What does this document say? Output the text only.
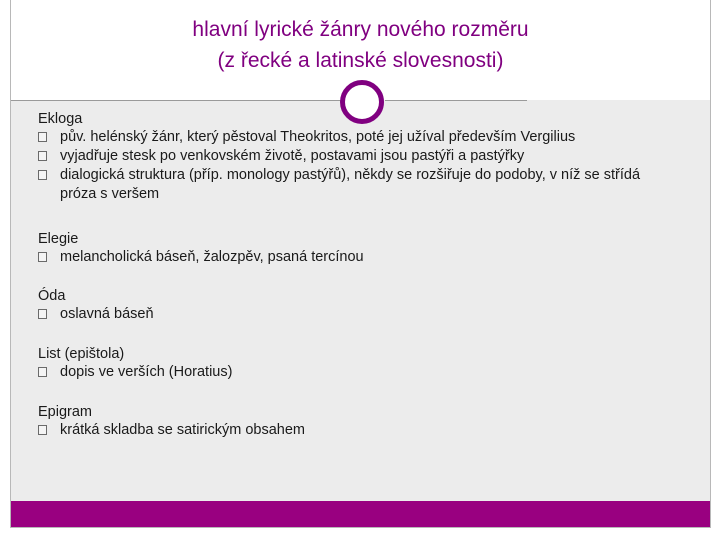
hlavní lyrické žánry nového rozměru
(z řecké a latinské slovesnosti)
Ekloga
pův. helénský žánr, který pěstoval Theokritos, poté jej užíval především Vergilius
vyjadřuje stesk po venkovském životě, postavami jsou pastýři a pastýřky
dialogická struktura (příp. monology pastýřů), někdy se rozšiřuje do podoby, v níž se střídá próza s veršem
Elegie
melancholická báseň, žalozpěv, psaná tercínou
Óda
oslavná báseň
List (epištola)
dopis ve verších (Horatius)
Epigram
krátká skladba se satirickým obsahem
